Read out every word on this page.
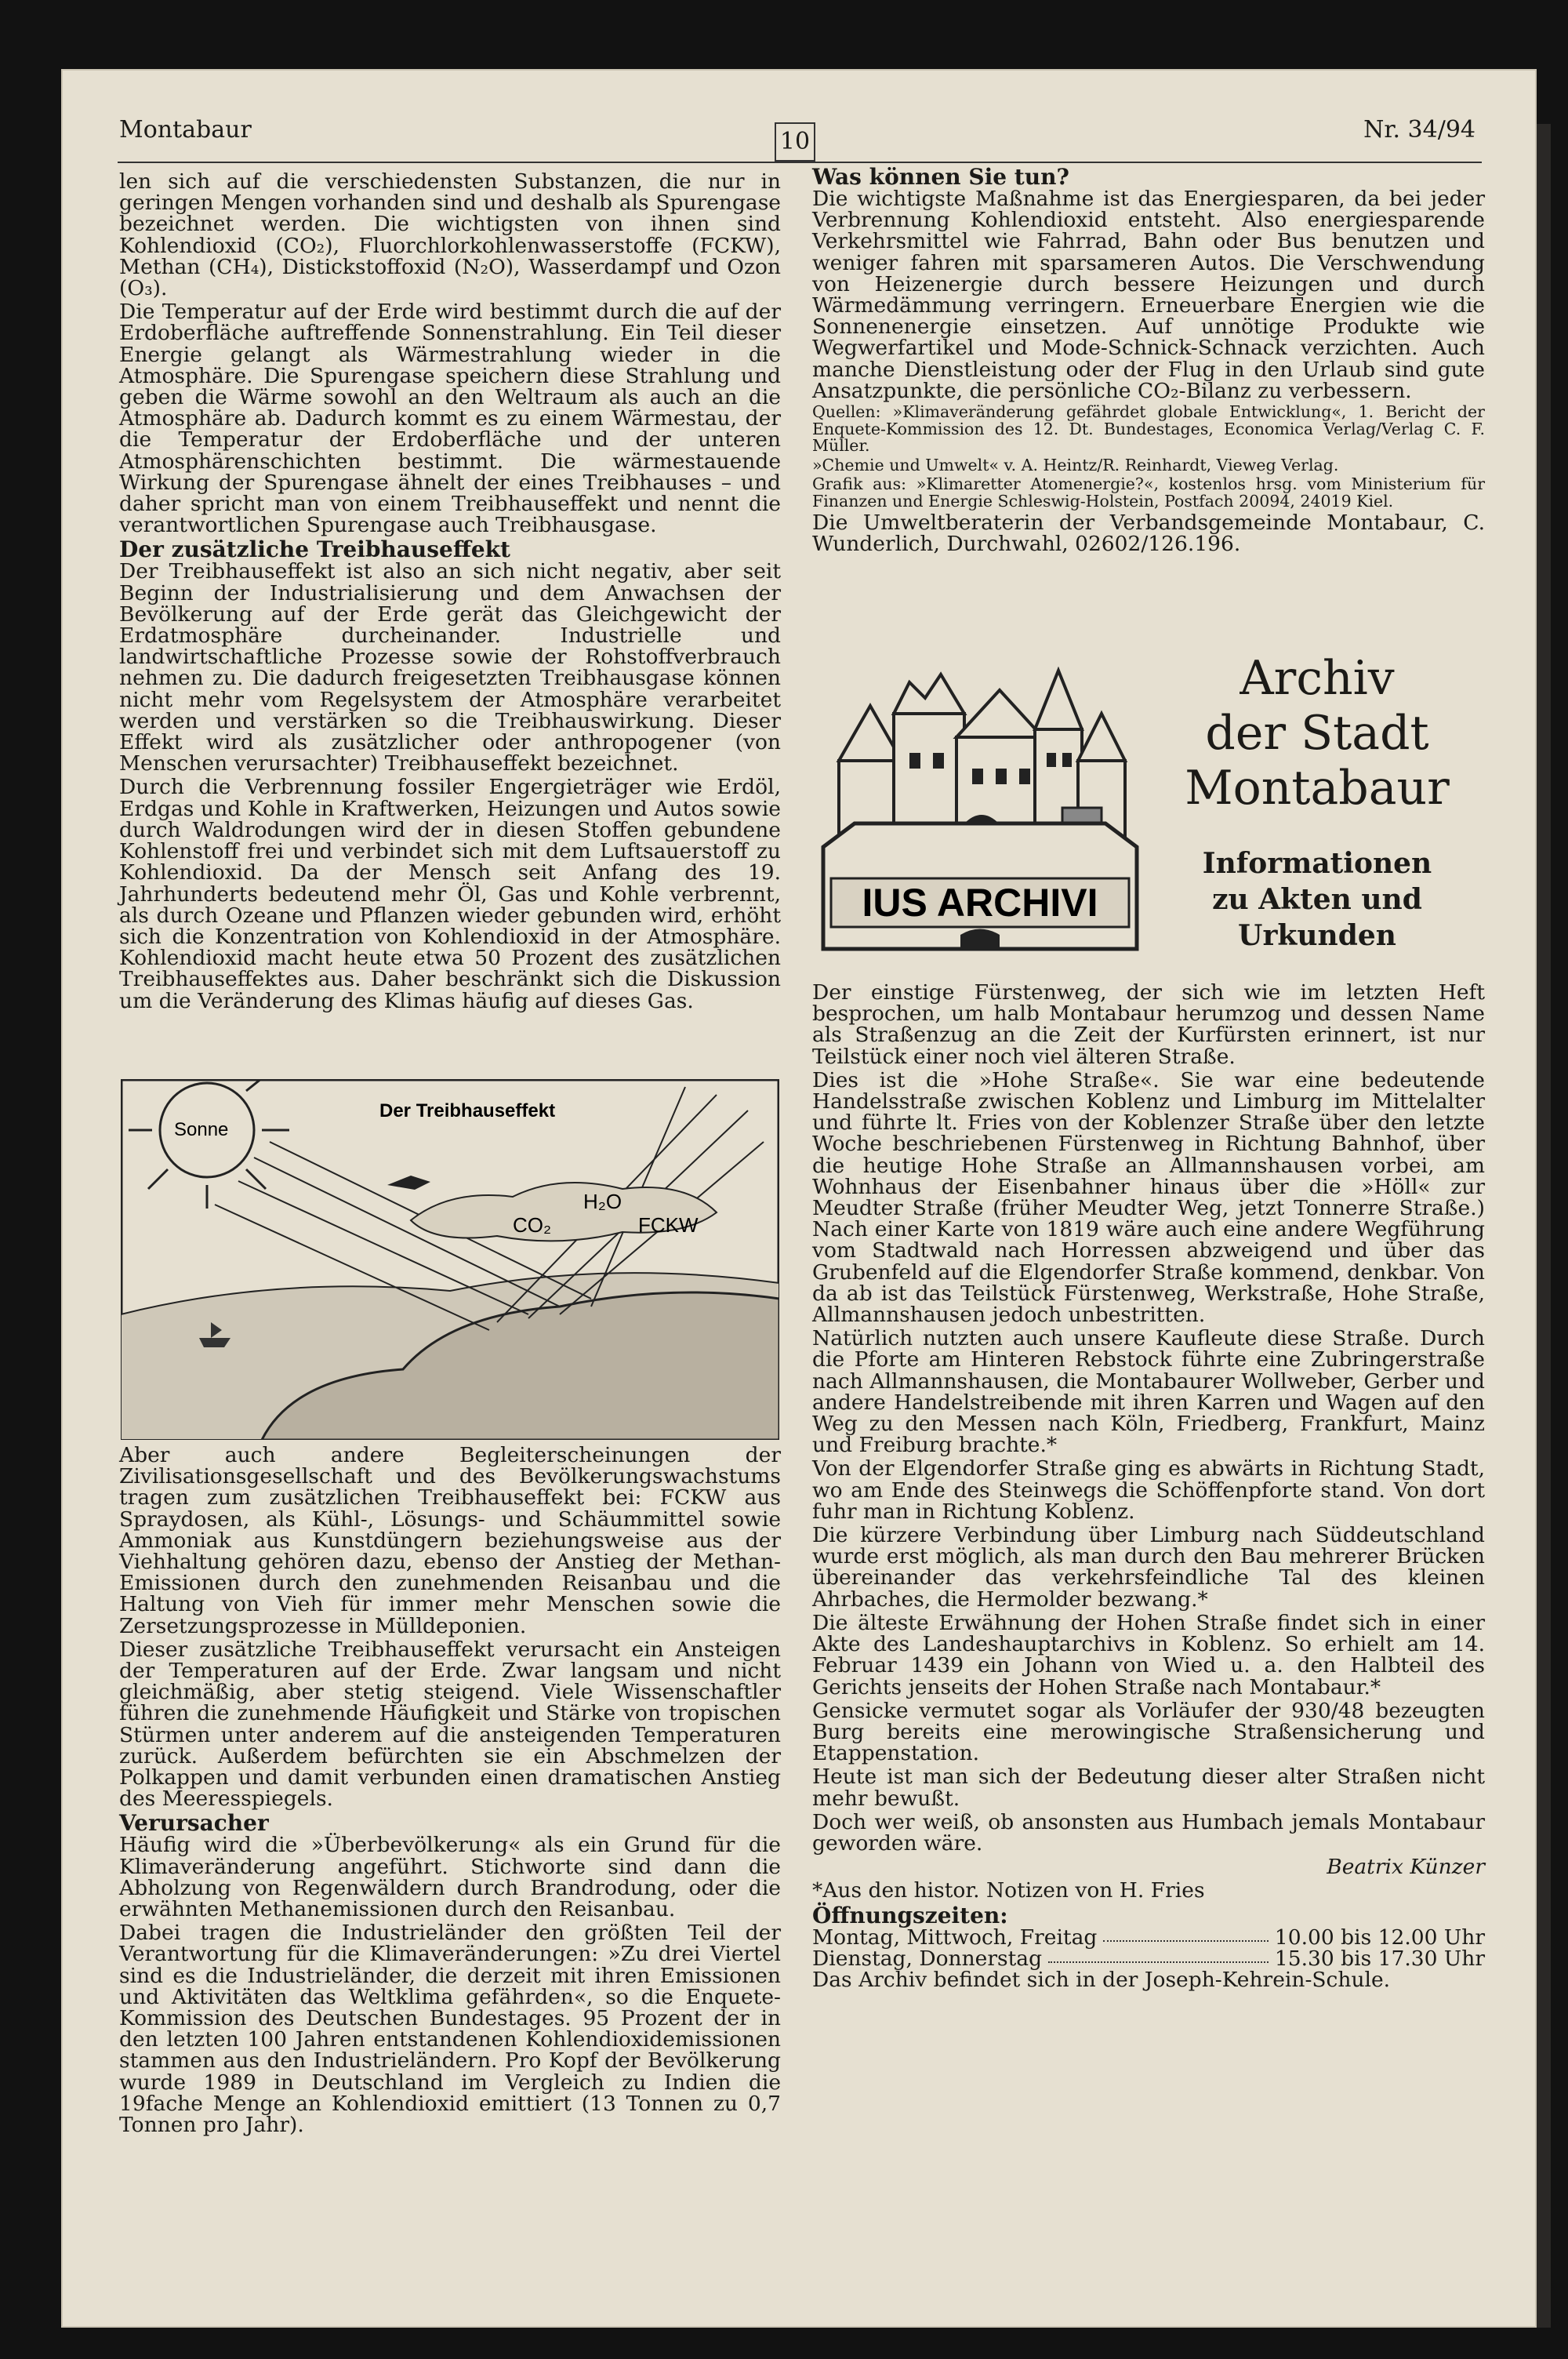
Montabaur	10	Nr. 34/94

len sich auf die verschiedensten Substanzen, die nur in geringen Mengen vorhanden sind und deshalb als Spurengase bezeichnet werden. Die wichtigsten von ihnen sind Kohlendioxid (CO₂), Fluorchlorkohlenwasserstoffe (FCKW), Methan (CH₄), Distickstoffoxid (N₂O), Wasserdampf und Ozon (O₃).

Die Temperatur auf der Erde wird bestimmt durch die auf der Erdoberfläche auftreffende Sonnenstrahlung. Ein Teil dieser Energie gelangt als Wärmestrahlung wieder in die Atmosphäre. Die Spurengase speichern diese Strahlung und geben die Wärme sowohl an den Weltraum als auch an die Atmosphäre ab. Dadurch kommt es zu einem Wärmestau, der die Temperatur der Erdoberfläche und der unteren Atmosphärenschichten bestimmt. Die wärmestauende Wirkung der Spurengase ähnelt der eines Treibhauses – und daher spricht man von einem Treibhauseffekt und nennt die verantwortlichen Spurengase auch Treibhausgase.

Der zusätzliche Treibhauseffekt

Der Treibhauseffekt ist also an sich nicht negativ, aber seit Beginn der Industrialisierung und dem Anwachsen der Bevölkerung auf der Erde gerät das Gleichgewicht der Erdatmosphäre durcheinander. Industrielle und landwirtschaftliche Prozesse sowie der Rohstoffverbrauch nehmen zu. Die dadurch freigesetzten Treibhausgase können nicht mehr vom Regelsystem der Atmosphäre verarbeitet werden und verstärken so die Treibhauswirkung. Dieser Effekt wird als zusätzlicher oder anthropogener (von Menschen verursachter) Treibhauseffekt bezeichnet.

Durch die Verbrennung fossiler Engergieträger wie Erdöl, Erdgas und Kohle in Kraftwerken, Heizungen und Autos sowie durch Waldrodungen wird der in diesen Stoffen gebundene Kohlenstoff frei und verbindet sich mit dem Luftsauerstoff zu Kohlendioxid. Da der Mensch seit Anfang des 19. Jahrhunderts bedeutend mehr Öl, Gas und Kohle verbrennt, als durch Ozeane und Pflanzen wieder gebunden wird, erhöht sich die Konzentration von Kohlendioxid in der Atmosphäre. Kohlendioxid macht heute etwa 50 Prozent des zusätzlichen Treibhauseffektes aus. Daher beschränkt sich die Diskussion um die Veränderung des Klimas häufig auf dieses Gas.

Sonne
Der Treibhauseffekt
CO₂
H₂O
FCKW

Aber auch andere Begleiterscheinungen der Zivilisationsgesellschaft und des Bevölkerungswachstums tragen zum zusätzlichen Treibhauseffekt bei: FCKW aus Spraydosen, als Kühl-, Lösungs- und Schäummittel sowie Ammoniak aus Kunstdüngern beziehungsweise aus der Viehhaltung gehören dazu, ebenso der Anstieg der Methan-Emissionen durch den zunehmenden Reisanbau und die Haltung von Vieh für immer mehr Menschen sowie die Zersetzungsprozesse in Mülldeponien.

Dieser zusätzliche Treibhauseffekt verursacht ein Ansteigen der Temperaturen auf der Erde. Zwar langsam und nicht gleichmäßig, aber stetig steigend. Viele Wissenschaftler führen die zunehmende Häufigkeit und Stärke von tropischen Stürmen unter anderem auf die ansteigenden Temperaturen zurück. Außerdem befürchten sie ein Abschmelzen der Polkappen und damit verbunden einen dramatischen Anstieg des Meeresspiegels.

Verursacher

Häufig wird die »Überbevölkerung« als ein Grund für die Klimaveränderung angeführt. Stichworte sind dann die Abholzung von Regenwäldern durch Brandrodung, oder die erwähnten Methanemissionen durch den Reisanbau.

Dabei tragen die Industrieländer den größten Teil der Verantwortung für die Klimaveränderungen: »Zu drei Viertel sind es die Industrieländer, die derzeit mit ihren Emissionen und Aktivitäten das Weltklima gefährden«, so die Enquete-Kommission des Deutschen Bundestages. 95 Prozent der in den letzten 100 Jahren entstandenen Kohlendioxidemissionen stammen aus den Industrieländern. Pro Kopf der Bevölkerung wurde 1989 in Deutschland im Vergleich zu Indien die 19fache Menge an Kohlendioxid emittiert (13 Tonnen zu 0,7 Tonnen pro Jahr).

Was können Sie tun?

Die wichtigste Maßnahme ist das Energiesparen, da bei jeder Verbrennung Kohlendioxid entsteht. Also energiesparende Verkehrsmittel wie Fahrrad, Bahn oder Bus benutzen und weniger fahren mit sparsameren Autos. Die Verschwendung von Heizenergie durch bessere Heizungen und durch Wärmedämmung verringern. Erneuerbare Energien wie die Sonnenenergie einsetzen. Auf unnötige Produkte wie Wegwerfartikel und Mode-Schnick-Schnack verzichten. Auch manche Dienstleistung oder der Flug in den Urlaub sind gute Ansatzpunkte, die persönliche CO₂-Bilanz zu verbessern.

Quellen: »Klimaveränderung gefährdet globale Entwicklung«, 1. Bericht der Enquete-Kommission des 12. Dt. Bundestages, Economica Verlag/Verlag C. F. Müller.

»Chemie und Umwelt« v. A. Heintz/R. Reinhardt, Vieweg Verlag.

Grafik aus: »Klimaretter Atomenergie?«, kostenlos hrsg. vom Ministerium für Finanzen und Energie Schleswig-Holstein, Postfach 20094, 24019 Kiel.

Die Umweltberaterin der Verbandsgemeinde Montabaur, C. Wunderlich, Durchwahl, 02602/126.196.

IUS ARCHIVI
Archiv
der Stadt
Montabaur
Informationen
zu Akten und
Urkunden

Der einstige Fürstenweg, der sich wie im letzten Heft besprochen, um halb Montabaur herumzog und dessen Name als Straßenzug an die Zeit der Kurfürsten erinnert, ist nur Teilstück einer noch viel älteren Straße.

Dies ist die »Hohe Straße«. Sie war eine bedeutende Handelsstraße zwischen Koblenz und Limburg im Mittelalter und führte lt. Fries von der Koblenzer Straße über den letzte Woche beschriebenen Fürstenweg in Richtung Bahnhof, über die heutige Hohe Straße an Allmannshausen vorbei, am Wohnhaus der Eisenbahner hinaus über die »Höll« zur Meudter Straße (früher Meudter Weg, jetzt Tonnerre Straße.) Nach einer Karte von 1819 wäre auch eine andere Wegführung vom Stadtwald nach Horressen abzweigend und über das Grubenfeld auf die Elgendorfer Straße kommend, denkbar. Von da ab ist das Teilstück Fürstenweg, Werkstraße, Hohe Straße, Allmannshausen jedoch unbestritten.

Natürlich nutzten auch unsere Kaufleute diese Straße. Durch die Pforte am Hinteren Rebstock führte eine Zubringerstraße nach Allmannshausen, die Montabaurer Wollweber, Gerber und andere Handelstreibende mit ihren Karren und Wagen auf den Weg zu den Messen nach Köln, Friedberg, Frankfurt, Mainz und Freiburg brachte.*

Von der Elgendorfer Straße ging es abwärts in Richtung Stadt, wo am Ende des Steinwegs die Schöffenpforte stand. Von dort fuhr man in Richtung Koblenz.

Die kürzere Verbindung über Limburg nach Süddeutschland wurde erst möglich, als man durch den Bau mehrerer Brücken übereinander das verkehrsfeindliche Tal des kleinen Ahrbaches, die Hermolder bezwang.*

Die älteste Erwähnung der Hohen Straße findet sich in einer Akte des Landeshauptarchivs in Koblenz. So erhielt am 14. Februar 1439 ein Johann von Wied u. a. den Halbteil des Gerichts jenseits der Hohen Straße nach Montabaur.*

Gensicke vermutet sogar als Vorläufer der 930/48 bezeugten Burg bereits eine merowingische Straßensicherung und Etappenstation.

Heute ist man sich der Bedeutung dieser alter Straßen nicht mehr bewußt.

Doch wer weiß, ob ansonsten aus Humbach jemals Montabaur geworden wäre.

Beatrix Künzer

*Aus den histor. Notizen von H. Fries

Öffnungszeiten:
Montag, Mittwoch, Freitag	10.00 bis 12.00 Uhr
Dienstag, Donnerstag	15.30 bis 17.30 Uhr

Das Archiv befindet sich in der Joseph-Kehrein-Schule.
